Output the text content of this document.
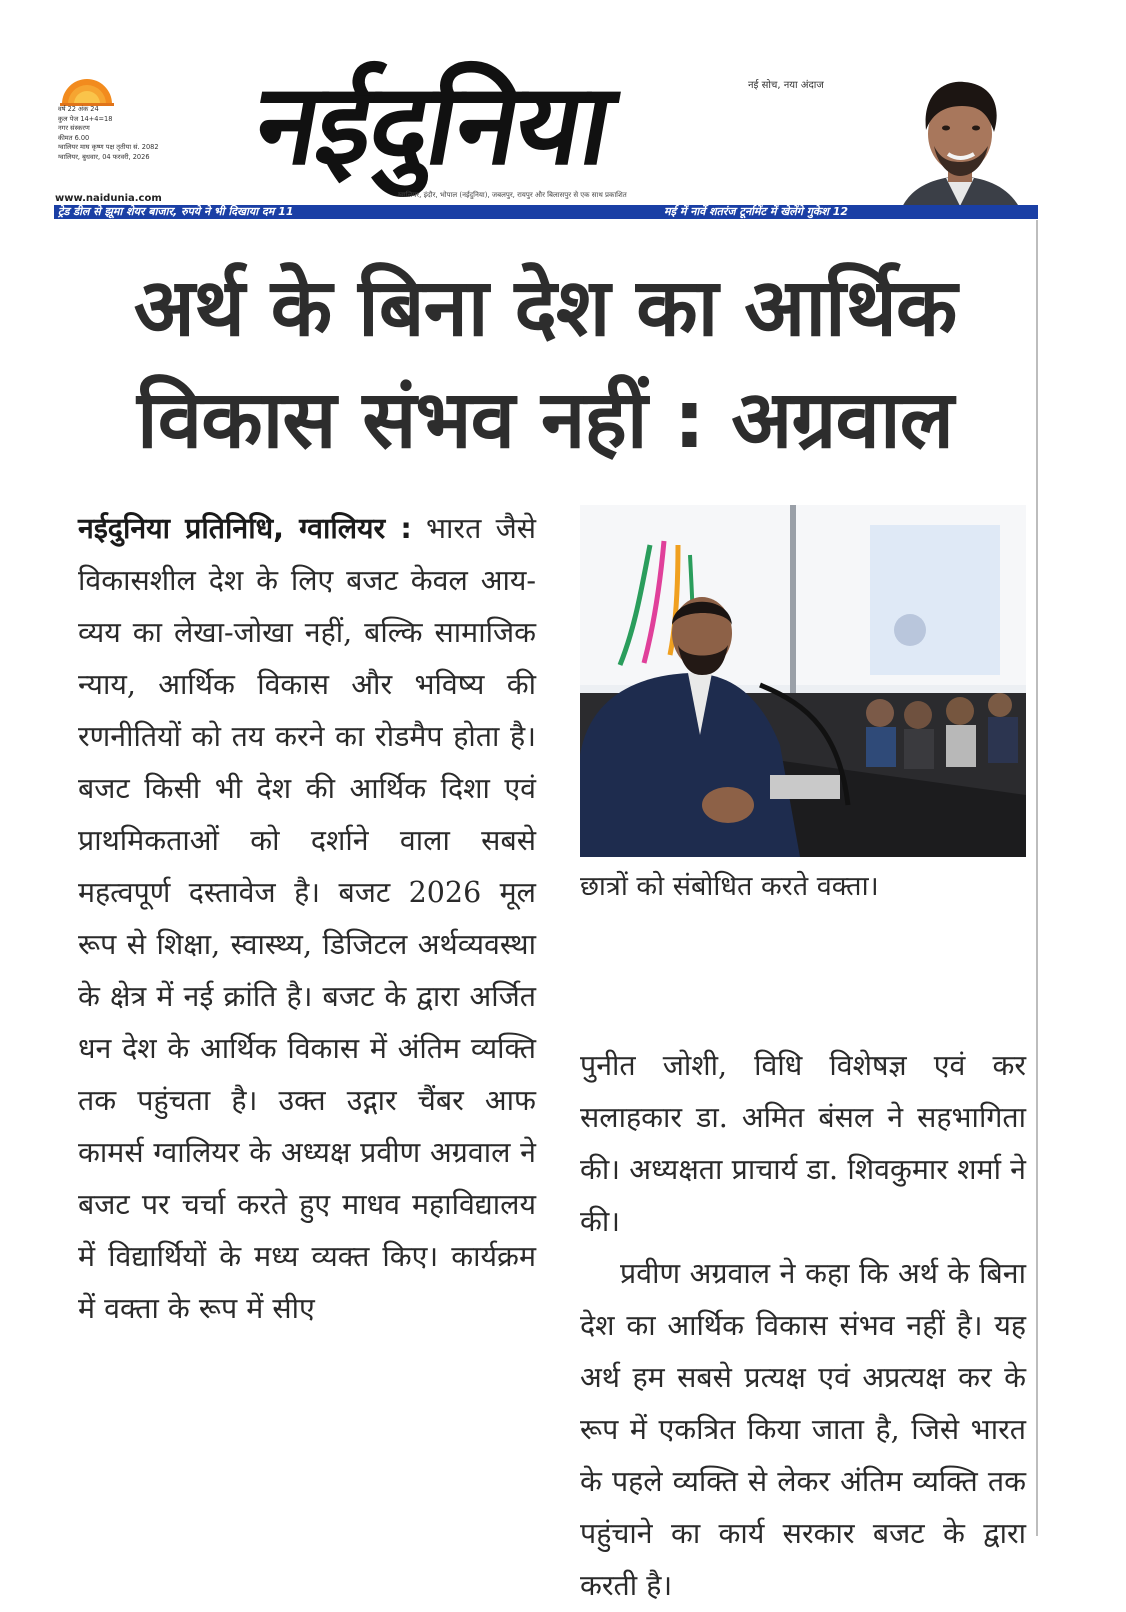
वर्ष 22 अंक 24
कुल पेज 14+4=18
नगर संस्करण
कीमत 6.00
ग्वालियर माघ कृष्ण पक्ष तृतीया सं. 2082
ग्वालियर, बुधवार, 04 फरवरी, 2026
www.naidunia.com
नईदुनिया	नई सोच, नया अंदाज
ग्वालियर, इंदौर, भोपाल (नईदुनिया), जबलपुर, रायपुर और बिलासपुर से एक साथ प्रकाशित
ट्रेड डील से झूमा शेयर बाजार, रुपये ने भी दिखाया दम 11	मई में नार्वे शतरंज टूर्नामेंट में खेलेंगे गुकेश 12
अर्थ के बिना देश का आर्थिक
विकास संभव नहीं : अग्रवाल
नईदुनिया प्रतिनिधि, ग्वालियर : भारत जैसे विकासशील देश के लिए बजट केवल आय-व्यय का लेखा-जोखा नहीं, बल्कि सामाजिक न्याय, आर्थिक विकास और भविष्य की रणनीतियों को तय करने का रोडमैप होता है। बजट किसी भी देश की आर्थिक दिशा एवं प्राथमिकताओं को दर्शाने वाला सबसे महत्वपूर्ण दस्तावेज है। बजट 2026 मूल रूप से शिक्षा, स्वास्थ्य, डिजिटल अर्थव्यवस्था के क्षेत्र में नई क्रांति है। बजट के द्वारा अर्जित धन देश के आर्थिक विकास में अंतिम व्यक्ति तक पहुंचता है। उक्त उद्गार चैंबर आफ कामर्स ग्वालियर के अध्यक्ष प्रवीण अग्रवाल ने बजट पर चर्चा करते हुए माधव महाविद्यालय में विद्यार्थियों के मध्य व्यक्त किए। कार्यक्रम में वक्ता के रूप में सीए
छात्रों को संबोधित करते वक्ता।

पुनीत जोशी, विधि विशेषज्ञ एवं कर सलाहकार डा. अमित बंसल ने सहभागिता की। अध्यक्षता प्राचार्य डा. शिवकुमार शर्मा ने की।

प्रवीण अग्रवाल ने कहा कि अर्थ के बिना देश का आर्थिक विकास संभव नहीं है। यह अर्थ हम सबसे प्रत्यक्ष एवं अप्रत्यक्ष कर के रूप में एकत्रित किया जाता है, जिसे भारत के पहले व्यक्ति से लेकर अंतिम व्यक्ति तक पहुंचाने का कार्य सरकार बजट के द्वारा करती है।
